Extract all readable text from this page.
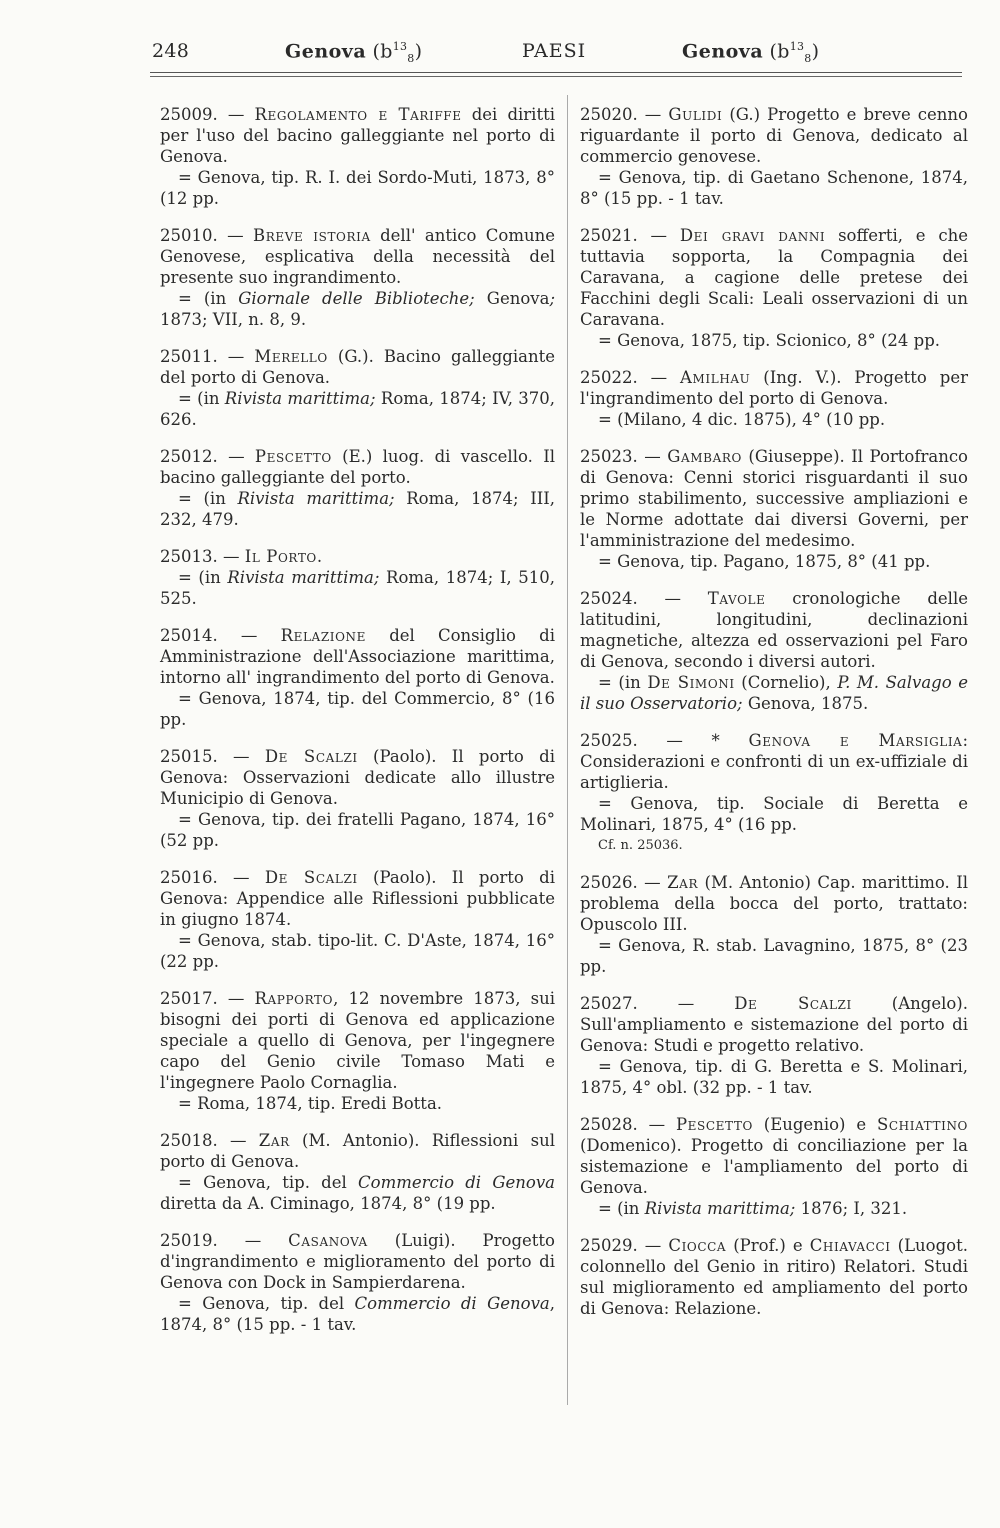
248	Genova $(b^{13}_8)$	PAESI	Genova $(b^{13}_8)$

25009. — Regolamento e Tariffe dei diritti per l'uso del bacino galleggiante nel porto di Genova.

= Genova, tip. R. I. dei Sordo-Muti, 1873, 8° (12 pp.

25010. — Breve istoria dell' antico Comune Genovese, esplicativa della necessità del presente suo ingrandimento.

= (in Giornale delle Biblioteche; Genova; 1873; VII, n. 8, 9.

25011. — Merello (G.). Bacino galleggiante del porto di Genova.

= (in Rivista marittima; Roma, 1874; IV, 370, 626.

25012. — Pescetto (E.) luog. di vascello. Il bacino galleggiante del porto.

= (in Rivista marittima; Roma, 1874; III, 232, 479.

25013. — Il Porto.

= (in Rivista marittima; Roma, 1874; I, 510, 525.

25014. — Relazione del Consiglio di Amministrazione dell'Associazione marittima, intorno all' ingrandimento del porto di Genova.

= Genova, 1874, tip. del Commercio, 8° (16 pp.

25015. — De Scalzi (Paolo). Il porto di Genova: Osservazioni dedicate allo illustre Municipio di Genova.

= Genova, tip. dei fratelli Pagano, 1874, 16° (52 pp.

25016. — De Scalzi (Paolo). Il porto di Genova: Appendice alle Riflessioni pubblicate in giugno 1874.

= Genova, stab. tipo-lit. C. D'Aste, 1874, 16° (22 pp.

25017. — Rapporto, 12 novembre 1873, sui bisogni dei porti di Genova ed applicazione speciale a quello di Genova, per l'ingegnere capo del Genio civile Tomaso Mati e l'ingegnere Paolo Cornaglia.

= Roma, 1874, tip. Eredi Botta.

25018. — Zar (M. Antonio). Riflessioni sul porto di Genova.

= Genova, tip. del Commercio di Genova diretta da A. Ciminago, 1874, 8° (19 pp.

25019. — Casanova (Luigi). Progetto d'ingrandimento e miglioramento del porto di Genova con Dock in Sampierdarena.

= Genova, tip. del Commercio di Genova, 1874, 8° (15 pp. - 1 tav.

25020. — Gulidi (G.) Progetto e breve cenno riguardante il porto di Genova, dedicato al commercio genovese.

= Genova, tip. di Gaetano Schenone, 1874, 8° (15 pp. - 1 tav.

25021. — Dei gravi danni sofferti, e che tuttavia sopporta, la Compagnia dei Caravana, a cagione delle pretese dei Facchini degli Scali: Leali osservazioni di un Caravana.

= Genova, 1875, tip. Scionico, 8° (24 pp.

25022. — Amilhau (Ing. V.). Progetto per l'ingrandimento del porto di Genova.

= (Milano, 4 dic. 1875), 4° (10 pp.

25023. — Gambaro (Giuseppe). Il Portofranco di Genova: Cenni storici risguardanti il suo primo stabilimento, successive ampliazioni e le Norme adottate dai diversi Governi, per l'amministrazione del medesimo.

= Genova, tip. Pagano, 1875, 8° (41 pp.

25024. — Tavole cronologiche delle latitudini, longitudini, declinazioni magnetiche, altezza ed osservazioni pel Faro di Genova, secondo i diversi autori.

= (in De Simoni (Cornelio), P. M. Salvago e il suo Osservatorio; Genova, 1875.

25025. — * Genova e Marsiglia: Considerazioni e confronti di un ex-uffiziale di artiglieria.

= Genova, tip. Sociale di Beretta e Molinari, 1875, 4° (16 pp.

Cf. n. 25036.

25026. — Zar (M. Antonio) Cap. marittimo. Il problema della bocca del porto, trattato: Opuscolo III.

= Genova, R. stab. Lavagnino, 1875, 8° (23 pp.

25027. — De Scalzi (Angelo). Sull'ampliamento e sistemazione del porto di Genova: Studi e progetto relativo.

= Genova, tip. di G. Beretta e S. Molinari, 1875, 4° obl. (32 pp. - 1 tav.

25028. — Pescetto (Eugenio) e Schiattino (Domenico). Progetto di conciliazione per la sistemazione e l'ampliamento del porto di Genova.

= (in Rivista marittima; 1876; I, 321.

25029. — Ciocca (Prof.) e Chiavacci (Luogot. colonnello del Genio in ritiro) Relatori. Studi sul miglioramento ed ampliamento del porto di Genova: Relazione.
